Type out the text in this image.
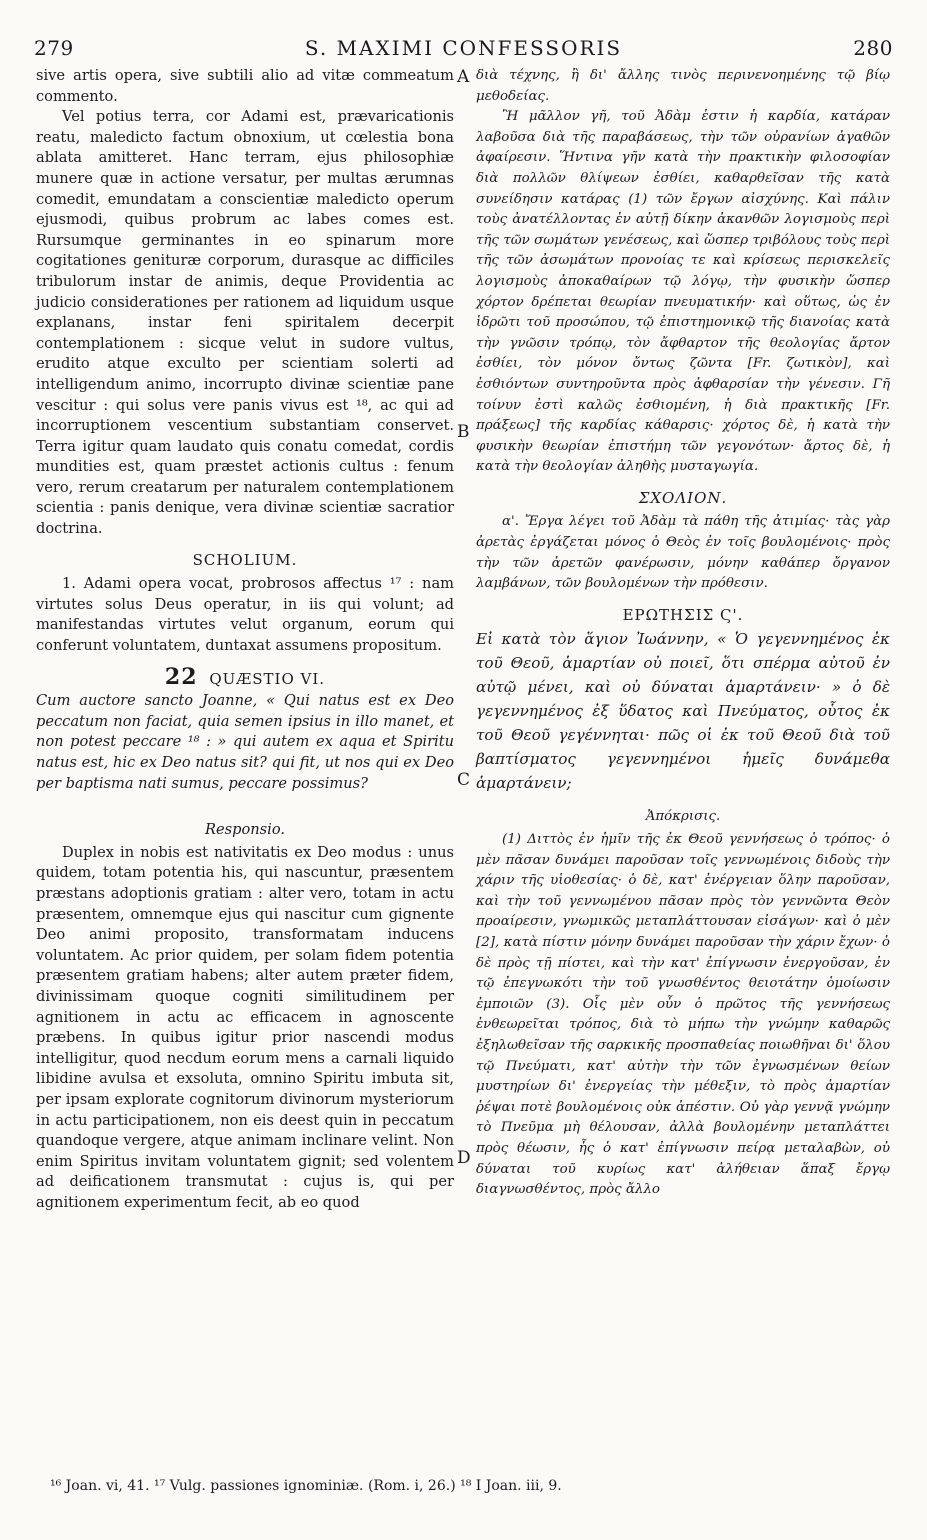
279	S. MAXIMI CONFESSORIS	280
A
B
C
D

sive artis opera, sive subtili alio ad vitæ commeatum commento.

Vel potius terra, cor Adami est, prævaricationis reatu, maledicto factum obnoxium, ut cœlestia bona ablata amitteret. Hanc terram, ejus philosophiæ munere quæ in actione versatur, per multas ærumnas comedit, emundatam a conscientiæ maledicto operum ejusmodi, quibus probrum ac labes comes est. Rursumque germinantes in eo spinarum more cogitationes genituræ corporum, durasque ac difficiles tribulorum instar de animis, deque Providentia ac judicio considerationes per rationem ad liquidum usque explanans, instar feni spiritalem decerpit contemplationem : sicque velut in sudore vultus, erudito atque exculto per scientiam solerti ad intelligendum animo, incorrupto divinæ scientiæ pane vescitur : qui solus vere panis vivus est ¹⁸, ac qui ad incorruptionem vescentium substantiam conservet. Terra igitur quam laudato quis conatu comedat, cordis mundities est, quam præstet actionis cultus : fenum vero, rerum creatarum per naturalem contemplationem scientia : panis denique, vera divinæ scientiæ sacratior doctrina.

SCHOLIUM.

1. Adami opera vocat, probrosos affectus ¹⁷ : nam virtutes solus Deus operatur, in iis qui volunt; ad manifestandas virtutes velut organum, eorum qui conferunt voluntatem, duntaxat assumens propositum.

22 QUÆSTIO VI.

Cum auctore sancto Joanne, « Qui natus est ex Deo peccatum non faciat, quia semen ipsius in illo manet, et non potest peccare ¹⁸ : » qui autem ex aqua et Spiritu natus est, hic ex Deo natus sit? qui fit, ut nos qui ex Deo per baptisma nati sumus, peccare possimus?

Responsio.

Duplex in nobis est nativitatis ex Deo modus : unus quidem, totam potentia his, qui nascuntur, præsentem præstans adoptionis gratiam : alter vero, totam in actu præsentem, omnemque ejus qui nascitur cum gignente Deo animi proposito, transformatam inducens voluntatem. Ac prior quidem, per solam fidem potentia præsentem gratiam habens; alter autem præter fidem, divinissimam quoque cogniti similitudinem per agnitionem in actu ac efficacem in agnoscente præbens. In quibus igitur prior nascendi modus intelligitur, quod necdum eorum mens a carnali liquido libidine avulsa et exsoluta, omnino Spiritu imbuta sit, per ipsam exploratе cognitorum divinorum mysteriorum in actu participationem, non eis deest quin in peccatum quandoque vergere, atque animam inclinare velint. Non enim Spiritus invitam voluntatem gignit; sed volentem ad deificationem transmutat : cujus is, qui per agnitionem experimentum fecit, ab eo quod

διὰ τέχνης, ἢ δι' ἄλλης τινὸς περινενοημένης τῷ βίῳ μεθοδείας.

Ἢ μᾶλλον γῆ, τοῦ Ἀδὰμ ἐστιν ἡ καρδία, κατάραν λαβοῦσα διὰ τῆς παραβάσεως, τὴν τῶν οὐρανίων ἀγαθῶν ἀφαίρεσιν. Ἥντινα γῆν κατὰ τὴν πρακτικὴν φιλοσοφίαν διὰ πολλῶν θλίψεων ἐσθίει, καθαρθεῖσαν τῆς κατὰ συνείδησιν κατάρας (1) τῶν ἔργων αἰσχύνης. Καὶ πάλιν τοὺς ἀνατέλλοντας ἐν αὐτῇ δίκην ἀκανθῶν λογισμοὺς περὶ τῆς τῶν σωμάτων γενέσεως, καὶ ὥσπερ τριβόλους τοὺς περὶ τῆς τῶν ἀσωμάτων προνοίας τε καὶ κρίσεως περισκελεῖς λογισμοὺς ἀποκαθαίρων τῷ λόγῳ, τὴν φυσικὴν ὥσπερ χόρτον δρέπεται θεωρίαν πνευματικήν· καὶ οὕτως, ὡς ἐν ἱδρῶτι τοῦ προσώπου, τῷ ἐπιστημονικῷ τῆς διανοίας κατὰ τὴν γνῶσιν τρόπῳ, τὸν ἄφθαρτον τῆς θεολογίας ἄρτον ἐσθίει, τὸν μόνον ὄντως ζῶντα [Fr. ζωτικὸν], καὶ ἐσθιόντων συντηροῦντα πρὸς ἀφθαρσίαν τὴν γένεσιν. Γῆ τοίνυν ἐστὶ καλῶς ἐσθιομένη, ἡ διὰ πρακτικῆς [Fr. πράξεως] τῆς καρδίας κάθαρσις· χόρτος δὲ, ἡ κατὰ τὴν φυσικὴν θεωρίαν ἐπιστήμη τῶν γεγονότων· ἄρτος δὲ, ἡ κατὰ τὴν θεολογίαν ἀληθὴς μυσταγωγία.

ΣΧΟΛΙΟΝ.

α'. Ἔργα λέγει τοῦ Ἀδὰμ τὰ πάθη τῆς ἀτιμίας· τὰς γὰρ ἀρετὰς ἐργάζεται μόνος ὁ Θεὸς ἐν τοῖς βουλομένοις· πρὸς τὴν τῶν ἀρετῶν φανέρωσιν, μόνην καθάπερ ὄργανον λαμβάνων, τῶν βουλομένων τὴν πρόθεσιν.

ΕΡΩΤΗΣΙΣ Ϛ'.

Εἰ κατὰ τὸν ἅγιον Ἰωάννην, « Ὁ γεγεννημένος ἐκ τοῦ Θεοῦ, ἁμαρτίαν οὐ ποιεῖ, ὅτι σπέρμα αὐτοῦ ἐν αὐτῷ μένει, καὶ οὐ δύναται ἁμαρτάνειν· » ὁ δὲ γεγεννημένος ἐξ ὕδατος καὶ Πνεύματος, οὗτος ἐκ τοῦ Θεοῦ γεγέννηται· πῶς οἱ ἐκ τοῦ Θεοῦ διὰ τοῦ βαπτίσματος γεγεννημένοι ἡμεῖς δυνάμεθα ἁμαρτάνειν;

Ἀπόκρισις.

(1) Διττὸς ἐν ἡμῖν τῆς ἐκ Θεοῦ γεννήσεως ὁ τρόπος· ὁ μὲν πᾶσαν δυνάμει παροῦσαν τοῖς γεννωμένοις διδοὺς τὴν χάριν τῆς υἱοθεσίας· ὁ δὲ, κατ' ἐνέργειαν ὅλην παροῦσαν, καὶ τὴν τοῦ γεννωμένου πᾶσαν πρὸς τὸν γεννῶντα Θεὸν προαίρεσιν, γνωμικῶς μεταπλάττουσαν εἰσάγων· καὶ ὁ μὲν [2], κατὰ πίστιν μόνην δυνάμει παροῦσαν τὴν χάριν ἔχων· ὁ δὲ πρὸς τῇ πίστει, καὶ τὴν κατ' ἐπίγνωσιν ἐνεργοῦσαν, ἐν τῷ ἐπεγνωκότι τὴν τοῦ γνωσθέντος θειοτάτην ὁμοίωσιν ἐμποιῶν (3). Οἷς μὲν οὖν ὁ πρῶτος τῆς γεννήσεως ἐνθεωρεῖται τρόπος, διὰ τὸ μήπω τὴν γνώμην καθαρῶς ἐξηλωθεῖσαν τῆς σαρκικῆς προσπαθείας ποιωθῆναι δι' ὅλου τῷ Πνεύματι, κατ' αὐτὴν τὴν τῶν ἐγνωσμένων θείων μυστηρίων δι' ἐνεργείας τὴν μέθεξιν, τὸ πρὸς ἁμαρτίαν ῥέψαι ποτὲ βουλομένοις οὐκ ἀπέστιν. Οὐ γὰρ γεννᾷ γνώμην τὸ Πνεῦμα μὴ θέλουσαν, ἀλλὰ βουλομένην μεταπλάττει πρὸς θέωσιν, ἧς ὁ κατ' ἐπίγνωσιν πείρᾳ μεταλαβὼν, οὐ δύναται τοῦ κυρίως κατ' ἀλήθειαν ἅπαξ ἔργῳ διαγνωσθέντος, πρὸς ἄλλο

¹⁶ Joan. vi, 41. ¹⁷ Vulg. passiones ignominiæ. (Rom. i, 26.) ¹⁸ I Joan. iii, 9.
